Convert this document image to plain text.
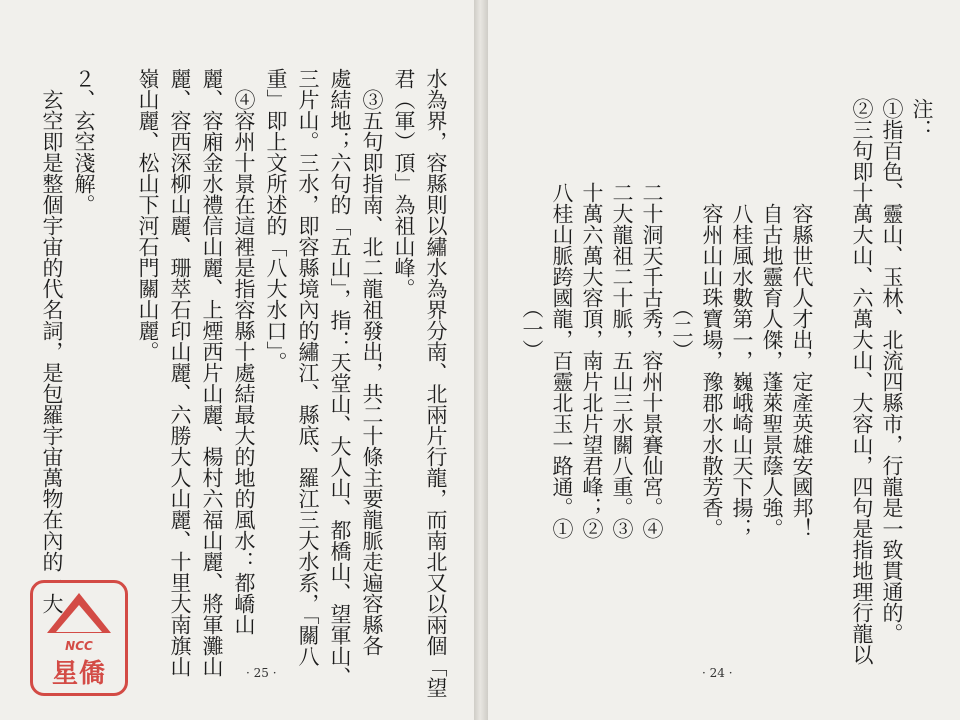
水為界，容縣則以繡水為界分南、北兩片行龍，而南北又以兩個「望
君（軍）頂」為祖山峰。
　③五句即指南、北二龍祖發出，共二十條主要龍脈走遍容縣各
處結地；六句的「五山」，指：天堂山、大人山、都橋山、望軍山、
三片山。三水，即容縣境內的繡江、縣底、羅江三大水系，「關八
重」即上文所述的「八大水口」。
　④容州十景在這裡是指容縣十處結最大的地的風水：都嶠山
麗、容廂金水禮信山麗、上煙西片山麗、楊村六福山麗、將軍灘山
麗、容西深柳山麗、珊萃石印山麗、六勝大人山麗、十里大南旗山
嶺山麗、松山下河石門關山麗。
２、玄空淺解。
　玄空即是整個宇宙的代名詞，是包羅宇宙萬物在內的一大	注：
①指百色、靈山、玉林、北流四縣市，行龍是一致貫通的。
②三句即十萬大山、六萬大山、大容山，四句是指地理行龍以
　　　　　容縣世代人才出，定產英雄安國邦！
　　　　　自古地靈育人傑，蓬萊聖景蔭人強。
　　　　　八桂風水數第一，巍峨崎山天下揚；
　　　　　容州山山珠寶場，豫郡水水散芳香。
　　　　　　　　　　（二）
　　　　二十洞天千古秀，容州十景賽仙宮。④
　　　　二大龍祖二十脈，五山三水關八重。③
　　　　十萬六萬大容頂，南片北片望君峰；②
　　　　八桂山脈跨國龍，百靈北玉一路通。①
　　　　　　　　　　（一）
· 25 ·	· 24 ·
NCC
星僑
